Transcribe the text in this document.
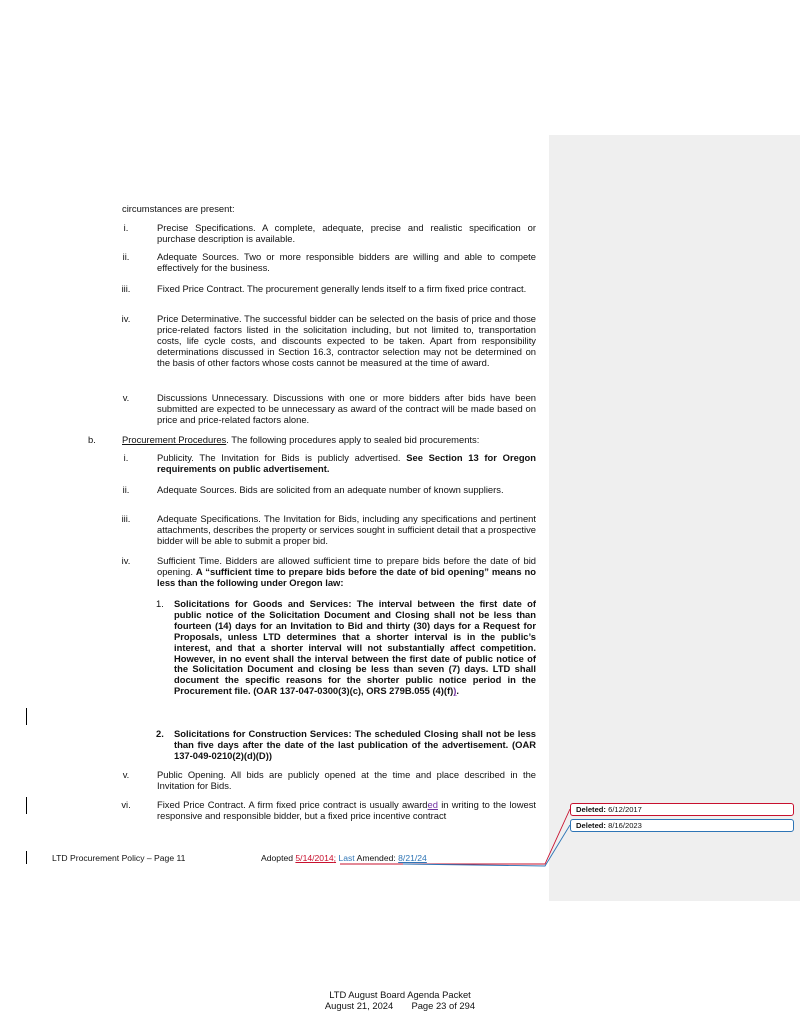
circumstances are present:
i.	Precise Specifications. A complete, adequate, precise and realistic specification or purchase description is available.
ii.	Adequate Sources. Two or more responsible bidders are willing and able to compete effectively for the business.
iii.	Fixed Price Contract. The procurement generally lends itself to a firm fixed price contract.
iv.	Price Determinative. The successful bidder can be selected on the basis of price and those price-related factors listed in the solicitation including, but not limited to, transportation costs, life cycle costs, and discounts expected to be taken. Apart from responsibility determinations discussed in Section 16.3, contractor selection may not be determined on the basis of other factors whose costs cannot be measured at the time of award.
v.	Discussions Unnecessary. Discussions with one or more bidders after bids have been submitted are expected to be unnecessary as award of the contract will be made based on price and price-related factors alone.
b.	Procurement Procedures. The following procedures apply to sealed bid procurements:
i.	Publicity. The Invitation for Bids is publicly advertised. See Section 13 for Oregon requirements on public advertisement.
ii.	Adequate Sources. Bids are solicited from an adequate number of known suppliers.
iii.	Adequate Specifications. The Invitation for Bids, including any specifications and pertinent attachments, describes the property or services sought in sufficient detail that a prospective bidder will be able to submit a proper bid.
iv.	Sufficient Time. Bidders are allowed sufficient time to prepare bids before the date of bid opening. A “sufficient time to prepare bids before the date of bid opening” means no less than the following under Oregon law:
1. Solicitations for Goods and Services: The interval between the first date of public notice of the Solicitation Document and Closing shall not be less than fourteen (14) days for an Invitation to Bid and thirty (30) days for a Request for Proposals, unless LTD determines that a shorter interval is in the public’s interest, and that a shorter interval will not substantially affect competition. However, in no event shall the interval between the first date of public notice of the Solicitation Document and closing be less than seven (7) days. LTD shall document the specific reasons for the shorter public notice period in the Procurement file. (OAR 137-047-0300(3)(c), ORS 279B.055 (4)(f)).
2. Solicitations for Construction Services: The scheduled Closing shall not be less than five days after the date of the last publication of the advertisement. (OAR 137-049-0210(2)(d)(D))
v.	Public Opening. All bids are publicly opened at the time and place described in the Invitation for Bids.
vi.	Fixed Price Contract. A firm fixed price contract is usually awarded in writing to the lowest responsive and responsible bidder, but a fixed price incentive contract
LTD Procurement Policy – Page 11	Adopted 5/14/2014; Last Amended: 8/21/24
Deleted: 6/12/2017
Deleted: 8/16/2023
LTD August Board Agenda Packet
August 21, 2024 Page 23 of 294
